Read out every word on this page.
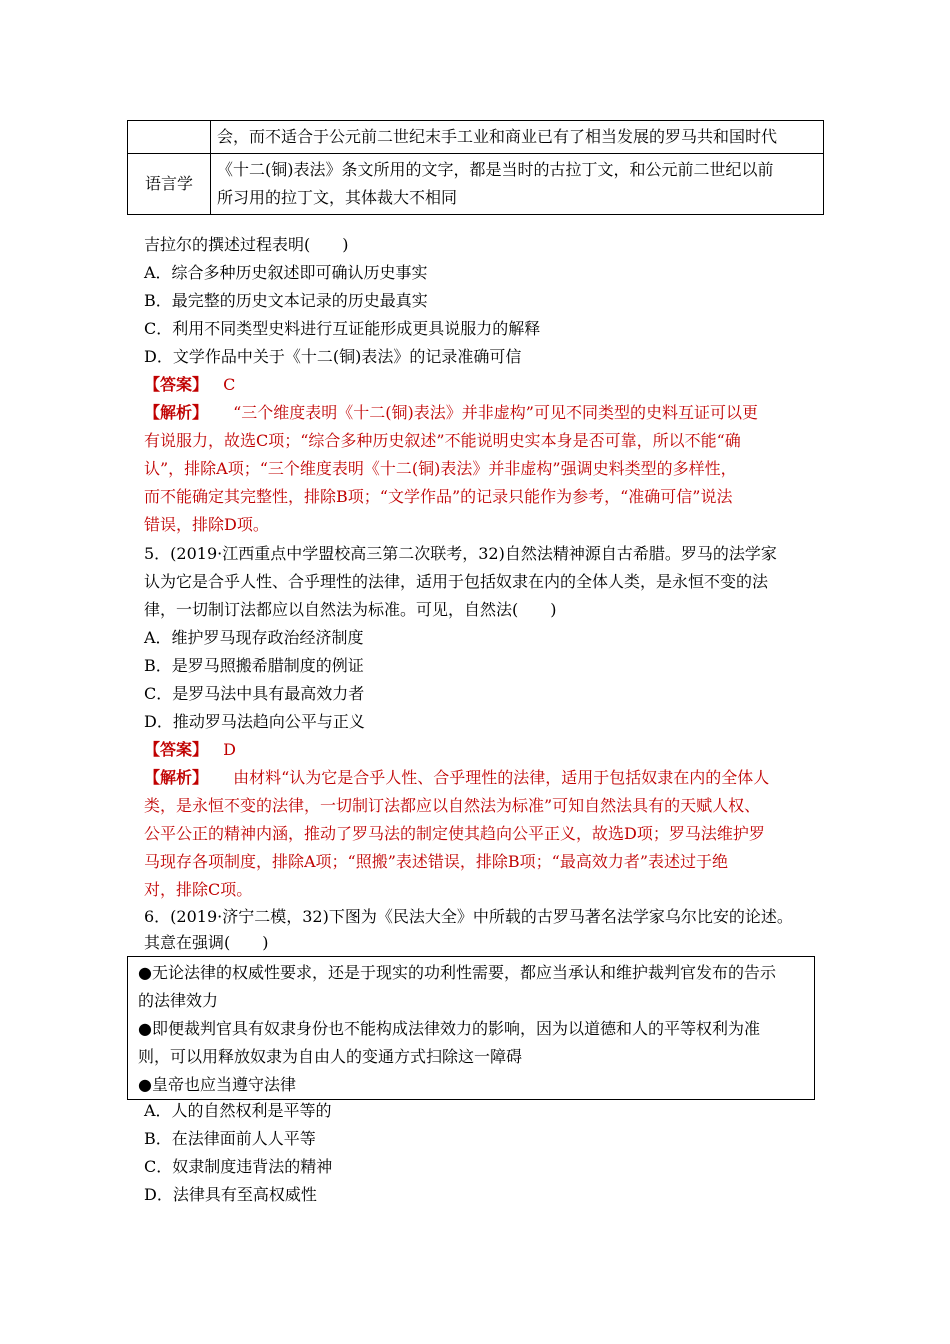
	会，而不适合于公元前二世纪末手工业和商业已有了相当发展的罗马共和国时代
语言学	《十二(铜)表法》条文所用的文字，都是当时的古拉丁文，和公元前二世纪以前
所习用的拉丁文，其体裁大不相同
吉拉尔的撰述过程表明(　　)
A．综合多种历史叙述即可确认历史事实
B．最完整的历史文本记录的历史最真实
C．利用不同类型史料进行互证能形成更具说服力的解释
D．文学作品中关于《十二(铜)表法》的记录准确可信
【答案】 C
【解析】 “三个维度表明《十二(铜)表法》并非虚构”可见不同类型的史料互证可以更
有说服力，故选C项；“综合多种历史叙述”不能说明史实本身是否可靠，所以不能“确
认”，排除A项；“三个维度表明《十二(铜)表法》并非虚构”强调史料类型的多样性，
而不能确定其完整性，排除B项；“文学作品”的记录只能作为参考，“准确可信”说法
错误，排除D项。
5．(2019·江西重点中学盟校高三第二次联考，32)自然法精神源自古希腊。罗马的法学家
认为它是合乎人性、合乎理性的法律，适用于包括奴隶在内的全体人类，是永恒不变的法
律，一切制订法都应以自然法为标准。可见，自然法(　　)
A．维护罗马现存政治经济制度
B．是罗马照搬希腊制度的例证
C．是罗马法中具有最高效力者
D．推动罗马法趋向公平与正义
【答案】 D
【解析】 由材料“认为它是合乎人性、合乎理性的法律，适用于包括奴隶在内的全体人
类，是永恒不变的法律，一切制订法都应以自然法为标准”可知自然法具有的天赋人权、
公平公正的精神内涵，推动了罗马法的制定使其趋向公平正义，故选D项；罗马法维护罗
马现存各项制度，排除A项；“照搬”表述错误，排除B项；“最高效力者”表述过于绝
对，排除C项。
6．(2019·济宁二模，32)下图为《民法大全》中所载的古罗马著名法学家乌尔比安的论述。
其意在强调(　　)
●无论法律的权威性要求，还是于现实的功利性需要，都应当承认和维护裁判官发布的告示
的法律效力
●即便裁判官具有奴隶身份也不能构成法律效力的影响，因为以道德和人的平等权利为准
则，可以用释放奴隶为自由人的变通方式扫除这一障碍
●皇帝也应当遵守法律
A．人的自然权利是平等的
B．在法律面前人人平等
C．奴隶制度违背法的精神
D．法律具有至高权威性
